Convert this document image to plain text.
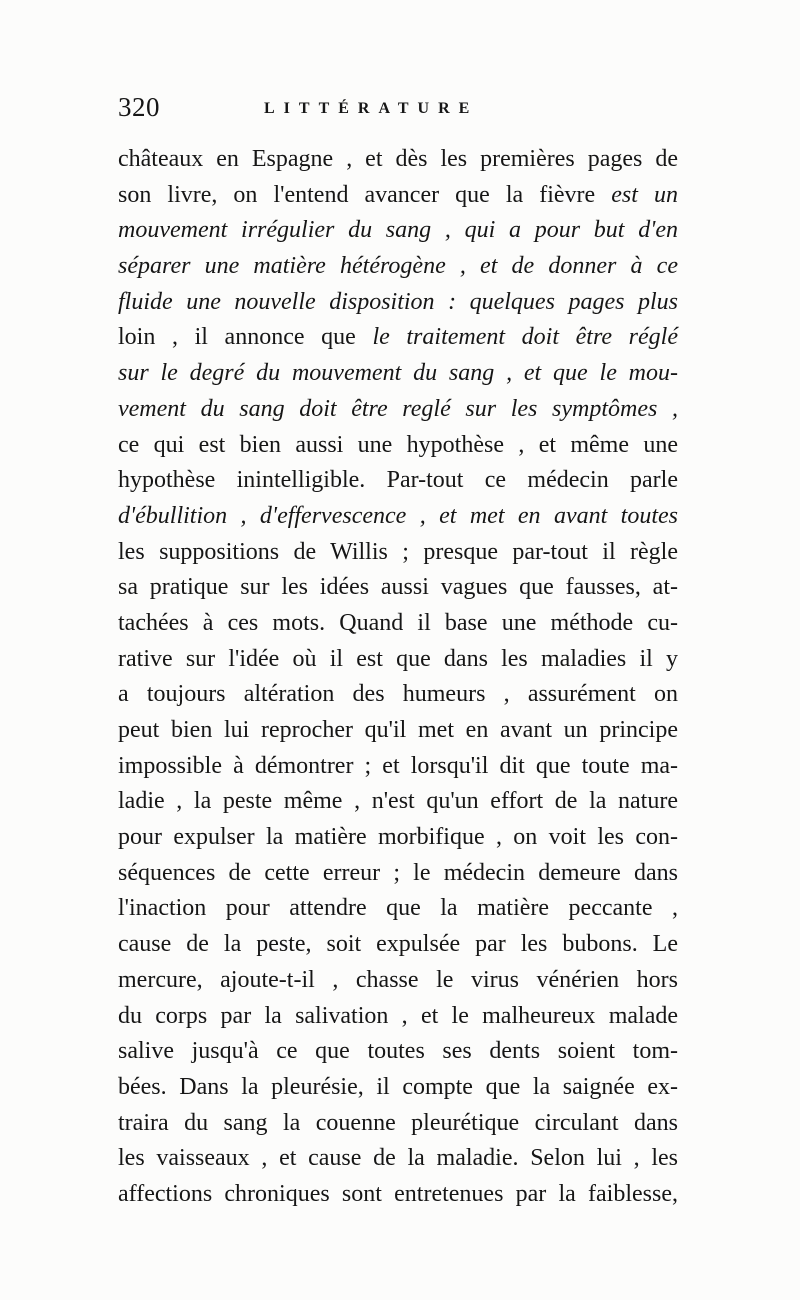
320	LITTÉRATURE
châteaux en Espagne , et dès les premières pages de
son livre, on l'entend avancer que la fièvre est un
mouvement irrégulier du sang , qui a pour but d'en
séparer une matière hétérogène , et de donner à ce
fluide une nouvelle disposition : quelques pages plus
loin , il annonce que le traitement doit être réglé
sur le degré du mouvement du sang , et que le mou-
vement du sang doit être reglé sur les symptômes ,
ce qui est bien aussi une hypothèse , et même une
hypothèse inintelligible. Par-tout ce médecin parle
d'ébullition , d'effervescence , et met en avant toutes
les suppositions de Willis ; presque par-tout il règle
sa pratique sur les idées aussi vagues que fausses, at-
tachées à ces mots. Quand il base une méthode cu-
rative sur l'idée où il est que dans les maladies il y
a toujours altération des humeurs , assurément on
peut bien lui reprocher qu'il met en avant un principe
impossible à démontrer ; et lorsqu'il dit que toute ma-
ladie , la peste même , n'est qu'un effort de la nature
pour expulser la matière morbifique , on voit les con-
séquences de cette erreur ; le médecin demeure dans
l'inaction pour attendre que la matière peccante ,
cause de la peste, soit expulsée par les bubons. Le
mercure, ajoute-t-il , chasse le virus vénérien hors
du corps par la salivation , et le malheureux malade
salive jusqu'à ce que toutes ses dents soient tom-
bées. Dans la pleurésie, il compte que la saignée ex-
traira du sang la couenne pleurétique circulant dans
les vaisseaux , et cause de la maladie. Selon lui , les
affections chroniques sont entretenues par la faiblesse,
